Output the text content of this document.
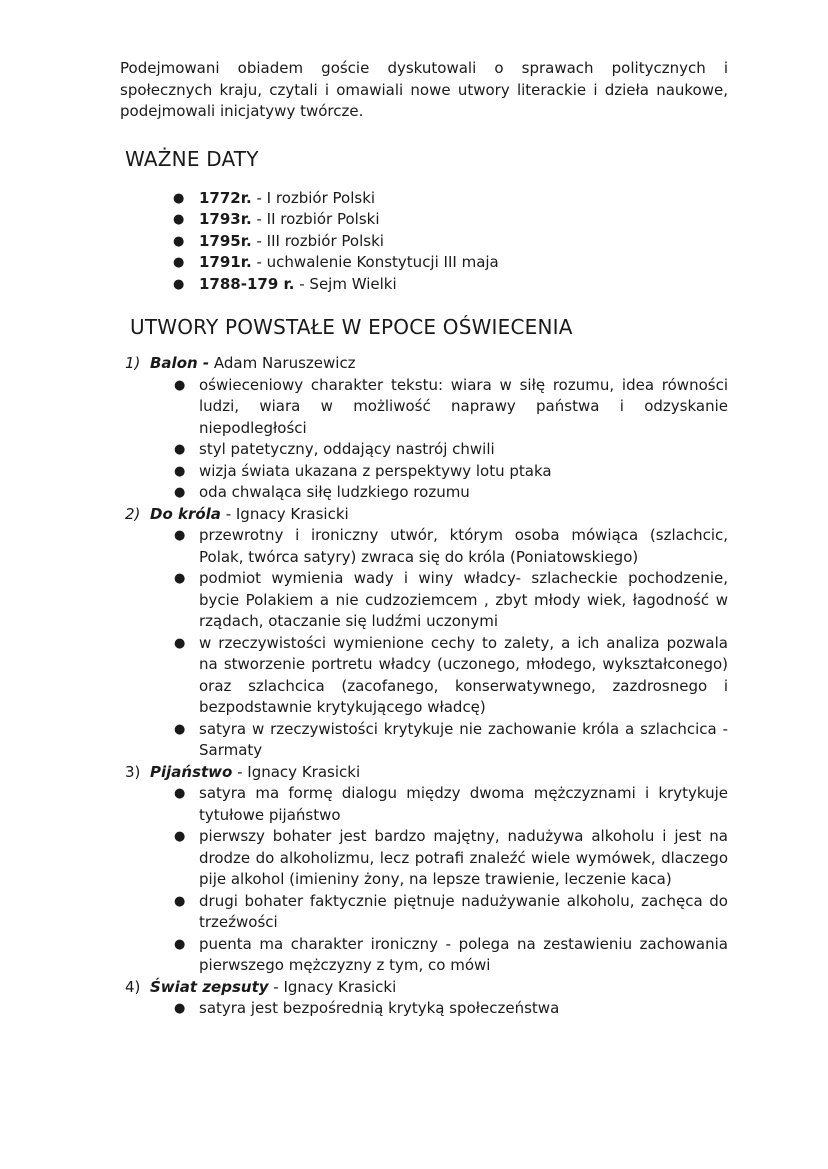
Podejmowani obiadem goście dyskutowali o sprawach politycznych i społecznych kraju, czytali i omawiali nowe utwory literackie i dzieła naukowe, podejmowali inicjatywy twórcze.

WAŻNE DATY
● 1772r. - I rozbiór Polski
● 1793r. - II rozbiór Polski
● 1795r. - III rozbiór Polski
● 1791r. - uchwalenie Konstytucji III maja
● 1788-179 r. - Sejm Wielki
UTWORY POWSTAŁE W EPOCE OŚWIECENIA
1) Balon - Adam Naruszewicz
● oświeceniowy charakter tekstu: wiara w siłę rozumu, idea równości ludzi, wiara w możliwość naprawy państwa i odzyskanie niepodległości
● styl patetyczny, oddający nastrój chwili
● wizja świata ukazana z perspektywy lotu ptaka
● oda chwaląca siłę ludzkiego rozumu
2) Do króla - Ignacy Krasicki
● przewrotny i ironiczny utwór, którym osoba mówiąca (szlachcic, Polak, twórca satyry) zwraca się do króla (Poniatowskiego)
● podmiot wymienia wady i winy władcy- szlacheckie pochodzenie, bycie Polakiem a nie cudzoziemcem , zbyt młody wiek, łagodność w rządach, otaczanie się ludźmi uczonymi
● w rzeczywistości wymienione cechy to zalety, a ich analiza pozwala na stworzenie portretu władcy (uczonego, młodego, wykształconego) oraz szlachcica (zacofanego, konserwatywnego, zazdrosnego i bezpodstawnie krytykującego władcę)
● satyra w rzeczywistości krytykuje nie zachowanie króla a szlachcica - Sarmaty
3) Pijaństwo - Ignacy Krasicki
● satyra ma formę dialogu między dwoma mężczyznami i krytykuje tytułowe pijaństwo
● pierwszy bohater jest bardzo majętny, nadużywa alkoholu i jest na drodze do alkoholizmu, lecz potrafi znaleźć wiele wymówek, dlaczego pije alkohol (imieniny żony, na lepsze trawienie, leczenie kaca)
● drugi bohater faktycznie piętnuje nadużywanie alkoholu, zachęca do trzeźwości
● puenta ma charakter ironiczny - polega na zestawieniu zachowania pierwszego mężczyzny z tym, co mówi
4) Świat zepsuty - Ignacy Krasicki
● satyra jest bezpośrednią krytyką społeczeństwa
